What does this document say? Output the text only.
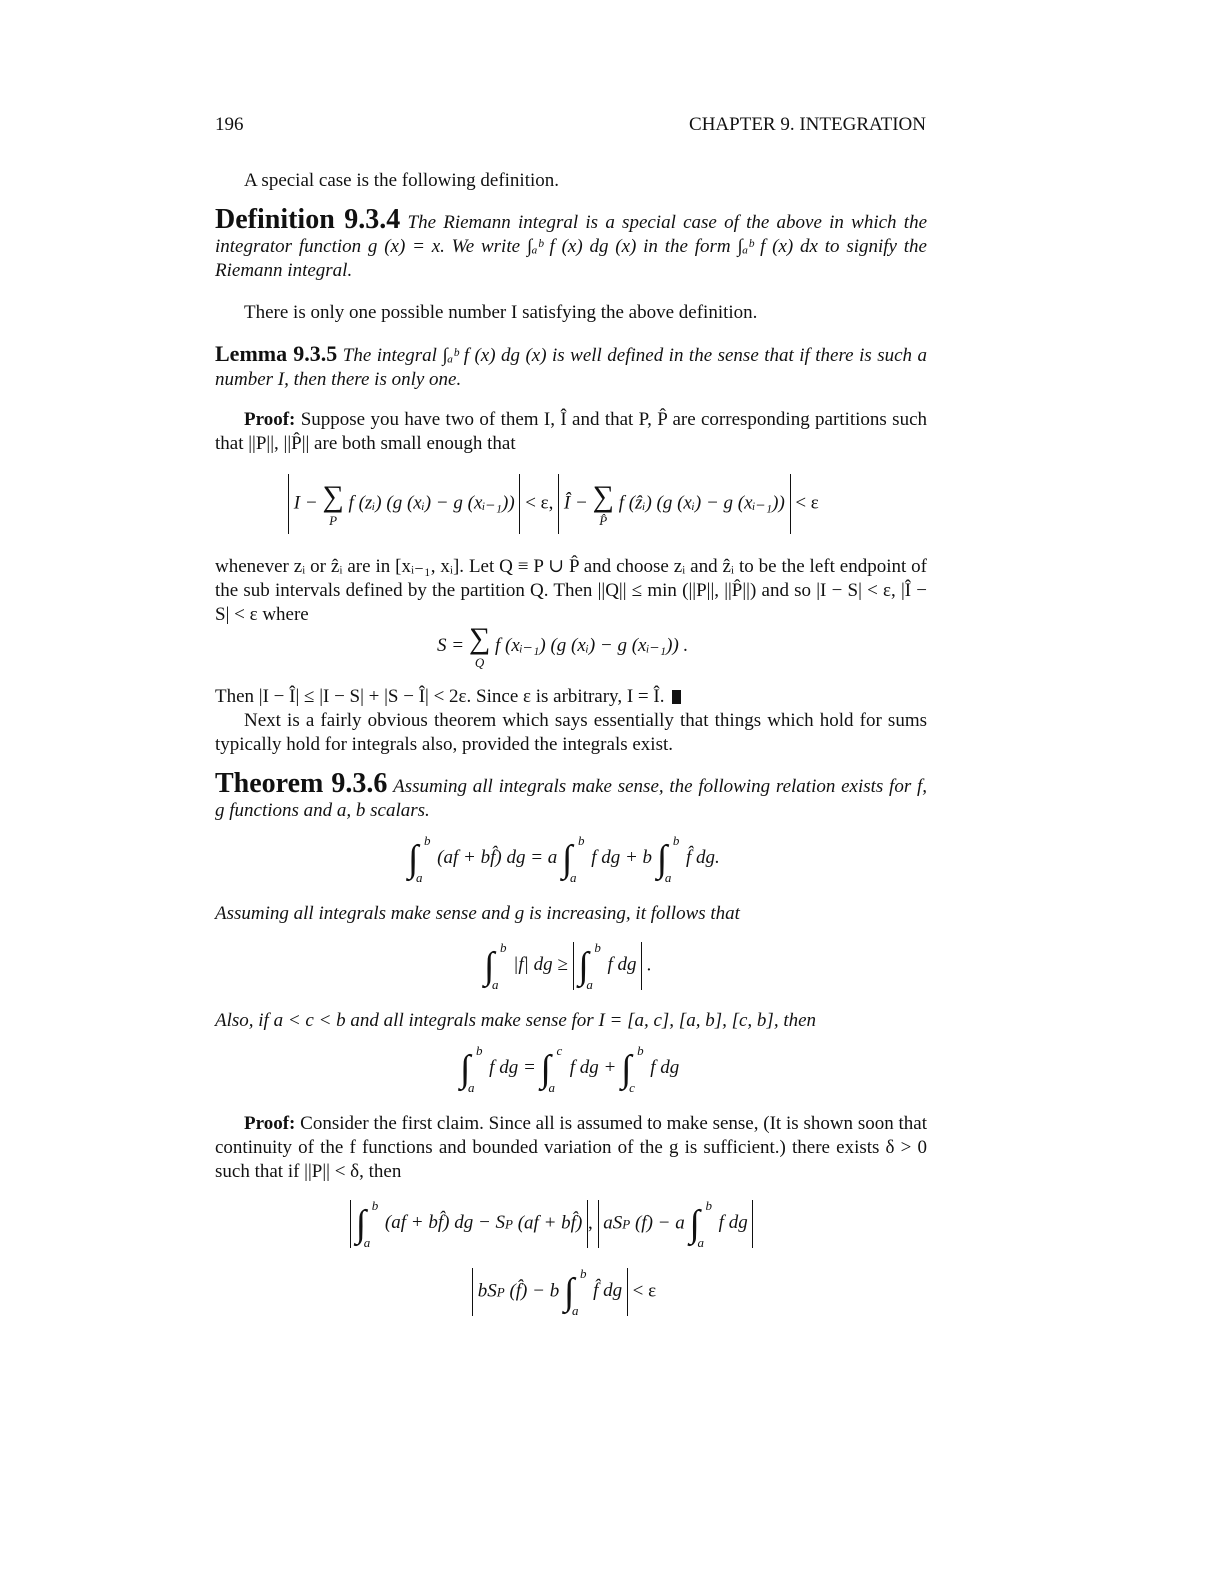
196	CHAPTER 9. INTEGRATION
A special case is the following definition.
Definition 9.3.4 The Riemann integral is a special case of the above in which the integrator function g (x) = x. We write ∫ₐᵇ f (x) dg (x) in the form ∫ₐᵇ f (x) dx to signify the Riemann integral.
There is only one possible number I satisfying the above definition.
Lemma 9.3.5 The integral ∫ₐᵇ f (x) dg (x) is well defined in the sense that if there is such a number I, then there is only one.
Proof: Suppose you have two of them I, Î and that P, P̂ are corresponding partitions such that ||P||, ||P̂|| are both small enough that
I − ∑
P
f (zᵢ) (g (xᵢ) − g (xᵢ₋₁)) < ε, Î − ∑
P̂
f (ẑᵢ) (g (xᵢ) − g (xᵢ₋₁)) < ε
whenever zᵢ or ẑᵢ are in [xᵢ₋₁, xᵢ]. Let Q ≡ P ∪ P̂ and choose zᵢ and ẑᵢ to be the left endpoint of the sub intervals defined by the partition Q. Then ||Q|| ≤ min (||P||, ||P̂||) and so |I − S| < ε, |Î − S| < ε where
S = ∑
Q
f (xᵢ₋₁) (g (xᵢ) − g (xᵢ₋₁)) .
Then |I − Î| ≤ |I − S| + |S − Î| < 2ε. Since ε is arbitrary, I = Î.
Next is a fairly obvious theorem which says essentially that things which hold for sums typically hold for integrals also, provided the integrals exist.
Theorem 9.3.6 Assuming all integrals make sense, the following relation exists for f, g functions and a, b scalars.
∫ b
a
(af + bf̂) dg = a ∫ b
a
f dg + b ∫ b
a
f̂ dg.
Assuming all integrals make sense and g is increasing, it follows that
∫ b
a
|f| dg ≥ ∫ b
a
f dg .
Also, if a < c < b and all integrals make sense for I = [a, c], [a, b], [c, b], then
∫ b
a
f dg = ∫ c
a
f dg + ∫ b
c
f dg
Proof: Consider the first claim. Since all is assumed to make sense, (It is shown soon that continuity of the f functions and bounded variation of the g is sufficient.) there exists δ > 0 such that if ||P|| < δ, then
∫ b
a
(af + bf̂) dg − SP (af + bf̂) , aSP (f) − a ∫ b
a
f dg
bSP (f̂) − b ∫ b
a
f̂ dg < ε
